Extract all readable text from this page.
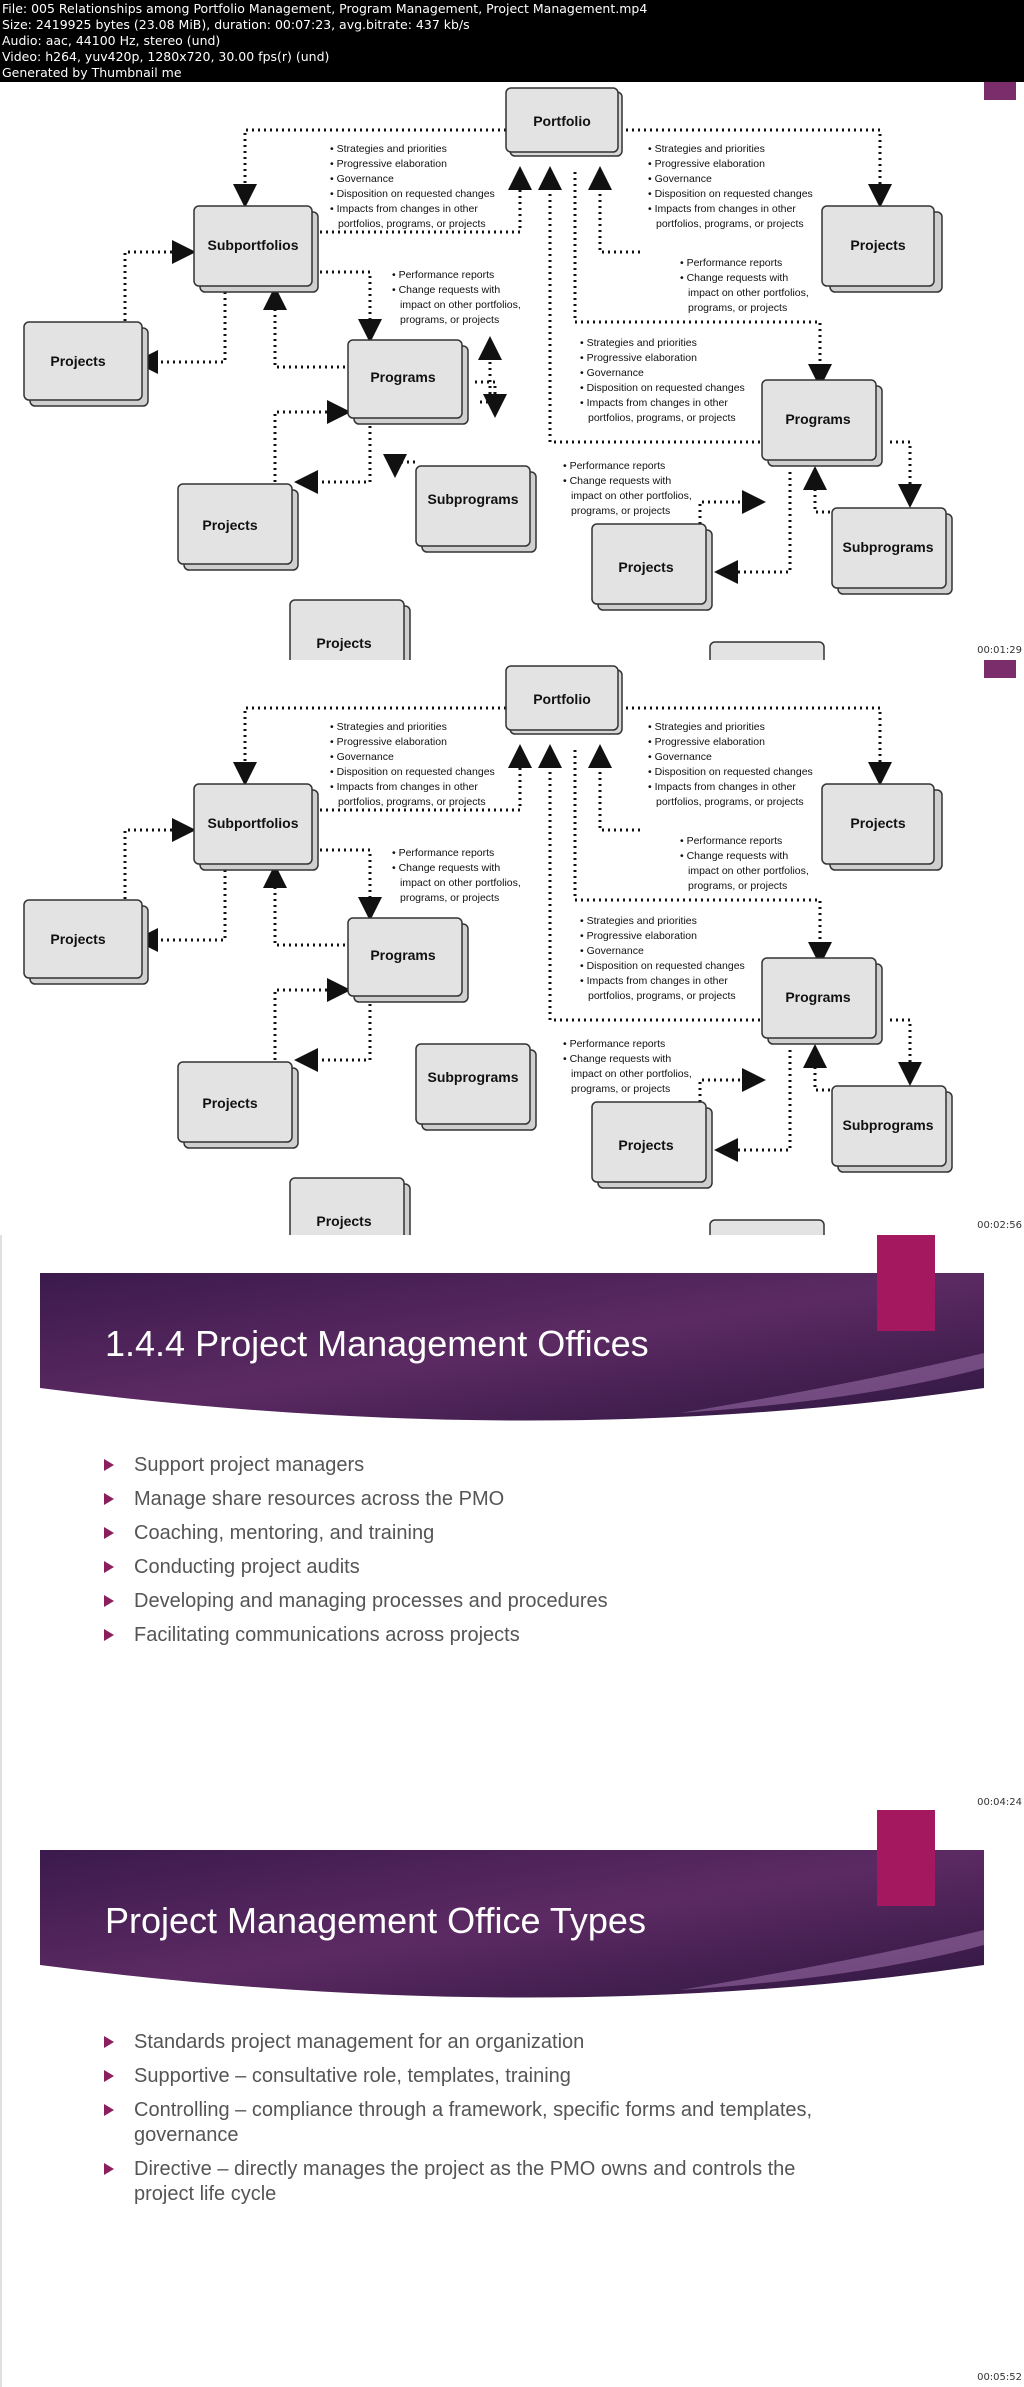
File: 005 Relationships among Portfolio Management, Program Management, Project Management.mp4
Size: 2419925 bytes (23.08 MiB), duration: 00:07:23, avg.bitrate: 437 kb/s
Audio: aac, 44100 Hz, stereo (und)
Video: h264, yuv420p, 1280x720, 30.00 fps(r) (und)
Generated by Thumbnail me
Portfolio
Subportfolios	Projects
Projects
Programs
Programs
Subprograms
Projects
Subprograms
Projects
Projects
• Strategies and priorities
• Progressive elaboration
• Governance
• Disposition on requested changes
• Impacts from changes in other
portfolios, programs, or projects
• Strategies and priorities
• Progressive elaboration
• Governance
• Disposition on requested changes
• Impacts from changes in other
portfolios, programs, or projects
• Performance reports
• Change requests with
impact on other portfolios,
programs, or projects
• Performance reports
• Change requests with
impact on other portfolios,
programs, or projects
• Strategies and priorities
• Progressive elaboration
• Governance
• Disposition on requested changes
• Impacts from changes in other
portfolios, programs, or projects
• Performance reports
• Change requests with
impact on other portfolios,
programs, or projects
00:01:29
Portfolio
Subportfolios	Projects
Projects
Programs
Programs
Subprograms
Projects
Subprograms
Projects
Projects
• Strategies and priorities
• Progressive elaboration
• Governance
• Disposition on requested changes
• Impacts from changes in other
portfolios, programs, or projects
• Strategies and priorities
• Progressive elaboration
• Governance
• Disposition on requested changes
• Impacts from changes in other
portfolios, programs, or projects
• Performance reports
• Change requests with
impact on other portfolios,
programs, or projects
• Performance reports
• Change requests with
impact on other portfolios,
programs, or projects
• Strategies and priorities
• Progressive elaboration
• Governance
• Disposition on requested changes
• Impacts from changes in other
portfolios, programs, or projects
• Performance reports
• Change requests with
impact on other portfolios,
programs, or projects
00:02:56
1.4.4 Project Management Offices
Support project managers
Manage share resources across the PMO
Coaching, mentoring, and training
Conducting project audits
Developing and managing processes and procedures
Facilitating communications across projects
00:04:24
Project Management Office Types
Standards project management for an organization
Supportive – consultative role, templates, training
Controlling – compliance through a framework, specific forms and templates, governance
Directive – directly manages the project as the PMO owns and controls the project life cycle
00:05:52
